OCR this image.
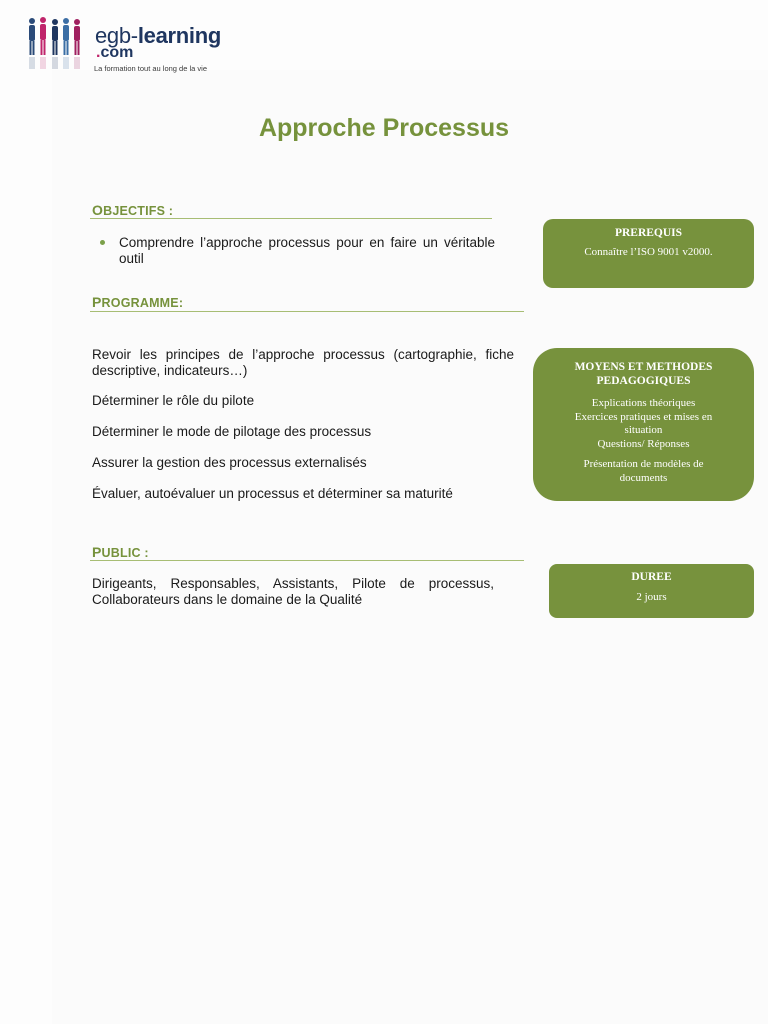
egb-learning
.com
La formation tout au long de la vie
Approche Processus
OBJECTIFS :
Comprendre l’approche processus pour en faire un véritable outil
PROGRAMME:
Revoir les principes de l’approche processus (cartographie, fiche descriptive, indicateurs…)
Déterminer le rôle du pilote
Déterminer le mode de pilotage des processus
Assurer la gestion des processus externalisés
Évaluer, autoévaluer un processus et déterminer sa maturité
PUBLIC :
Dirigeants, Responsables, Assistants, Pilote de processus, Collaborateurs dans le domaine de la Qualité
PREREQUIS
Connaître l’ISO 9001 v2000.
MOYENS ET METHODES PEDAGOGIQUES
Explications théoriques
Exercices pratiques et mises en situation
Questions/ Réponses
Présentation de modèles de documents
DUREE
2 jours
